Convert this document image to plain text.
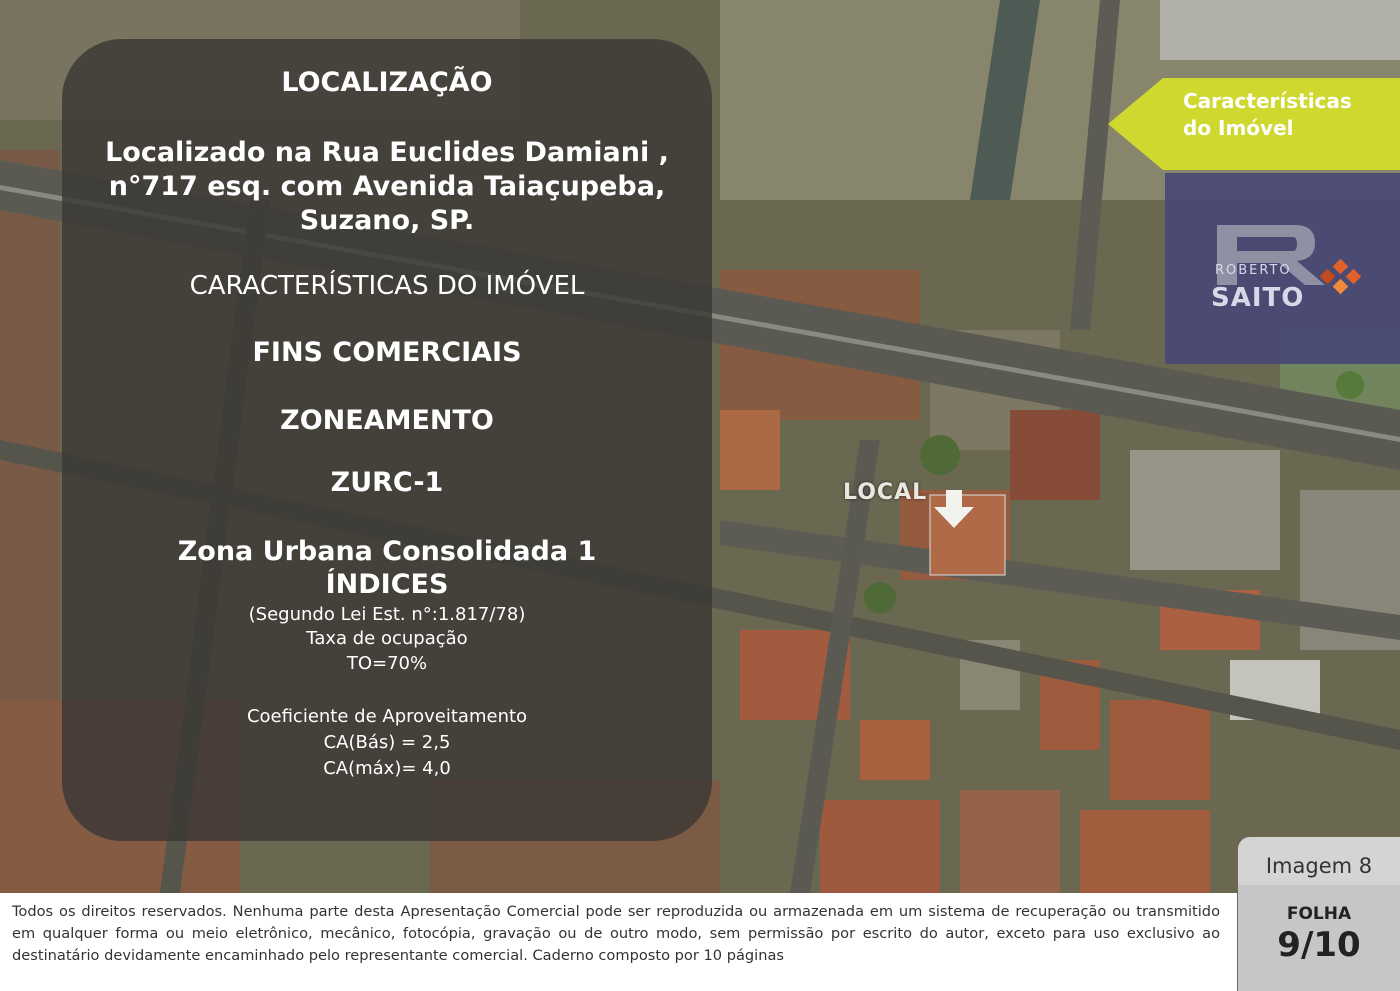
LOCAL
LOCALIZAÇÃO
Localizado na Rua Euclides Damiani ,
n°717 esq. com Avenida Taiaçupeba,
Suzano, SP.
CARACTERÍSTICAS DO IMÓVEL
FINS COMERCIAIS
ZONEAMENTO
ZURC-1
Zona Urbana Consolidada 1
ÍNDICES
(Segundo Lei Est. n°:1.817/78)
Taxa de ocupação
TO=70%
Coeficiente de Aproveitamento
CA(Bás) = 2,5
CA(máx)= 4,0
Características
do Imóvel
ROBERTO
SAITO

Todos os direitos reservados. Nenhuma parte desta Apresentação Comercial pode ser reproduzida ou armazenada em um sistema de recuperação ou transmitido em qualquer forma ou meio eletrônico, mecânico, fotocópia, gravação ou de outro modo, sem permissão por escrito do autor, exceto para uso exclusivo ao destinatário devidamente encaminhado pelo representante comercial. Caderno composto por 10 páginas

Imagem 8
FOLHA
9/10
